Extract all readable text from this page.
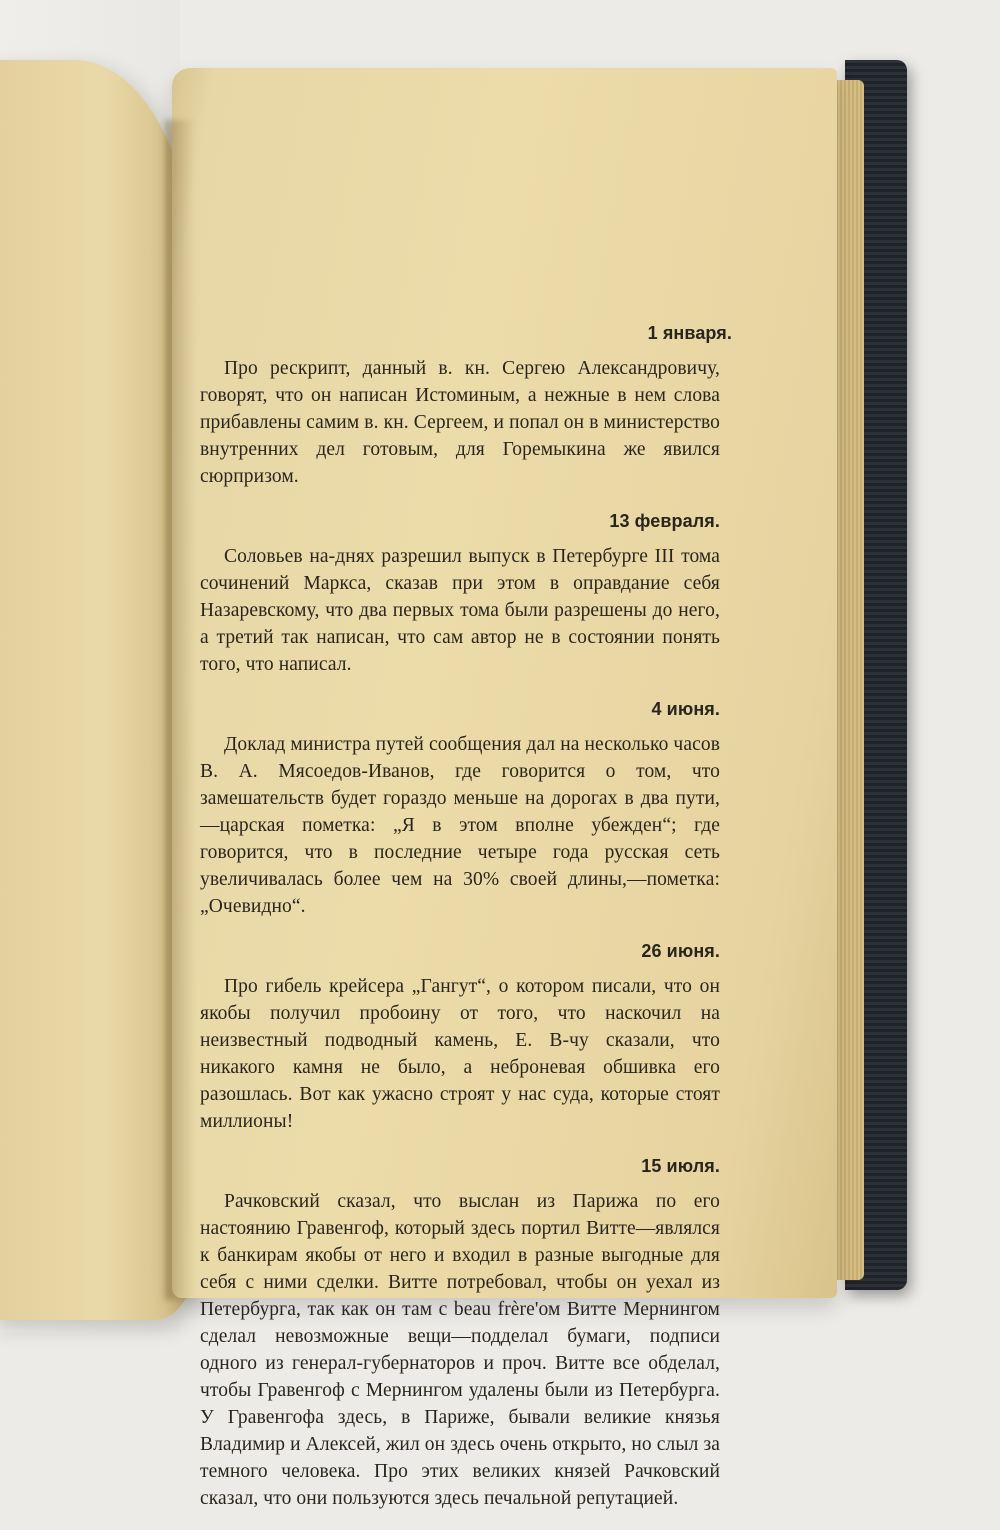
1 января.
Про рескрипт, данный в. кн. Сергею Александровичу, говорят, что он написан Истоминым, а нежные в нем слова прибавлены самим в. кн. Сергеем, и попал он в министерство внутренних дел готовым, для Горемыкина же явился сюрпризом.
13 февраля.
Соловьев на-днях разрешил выпуск в Петербурге III тома сочинений Маркса, сказав при этом в оправдание себя Назаревскому, что два первых тома были разрешены до него, а третий так написан, что сам автор не в состоянии понять того, что написал.
4 июня.
Доклад министра путей сообщения дал на несколько часов В. А. Мясоедов-Иванов, где говорится о том, что замешательств будет гораздо меньше на дорогах в два пути,—царская пометка: „Я в этом вполне убежден“; где говорится, что в последние четыре года русская сеть увеличивалась более чем на 30% своей длины,—пометка: „Очевидно“.
26 июня.
Про гибель крейсера „Гангут“, о котором писали, что он якобы получил пробоину от того, что наскочил на неизвестный подводный камень, Е. В-чу сказали, что никакого камня не было, а неброневая обшивка его разошлась. Вот как ужасно строят у нас суда, которые стоят миллионы!
15 июля.
Рачковский сказал, что выслан из Парижа по его настоянию Гравенгоф, который здесь портил Витте—являлся к банкирам якобы от него и входил в разные выгодные для себя с ними сделки. Витте потребовал, чтобы он уехал из Петербурга, так как он там с beau frère'ом Витте Мернингом сделал невозможные вещи—подделал бумаги, подписи одного из генерал-губернаторов и проч. Витте все обделал, чтобы Гравенгоф с Мернингом удалены были из Петербурга. У Гравенгофа здесь, в Париже, бывали великие князья Владимир и Алексей, жил он здесь очень открыто, но слыл за темного человека. Про этих великих князей Рачковский сказал, что они пользуются здесь печальной репутацией.
